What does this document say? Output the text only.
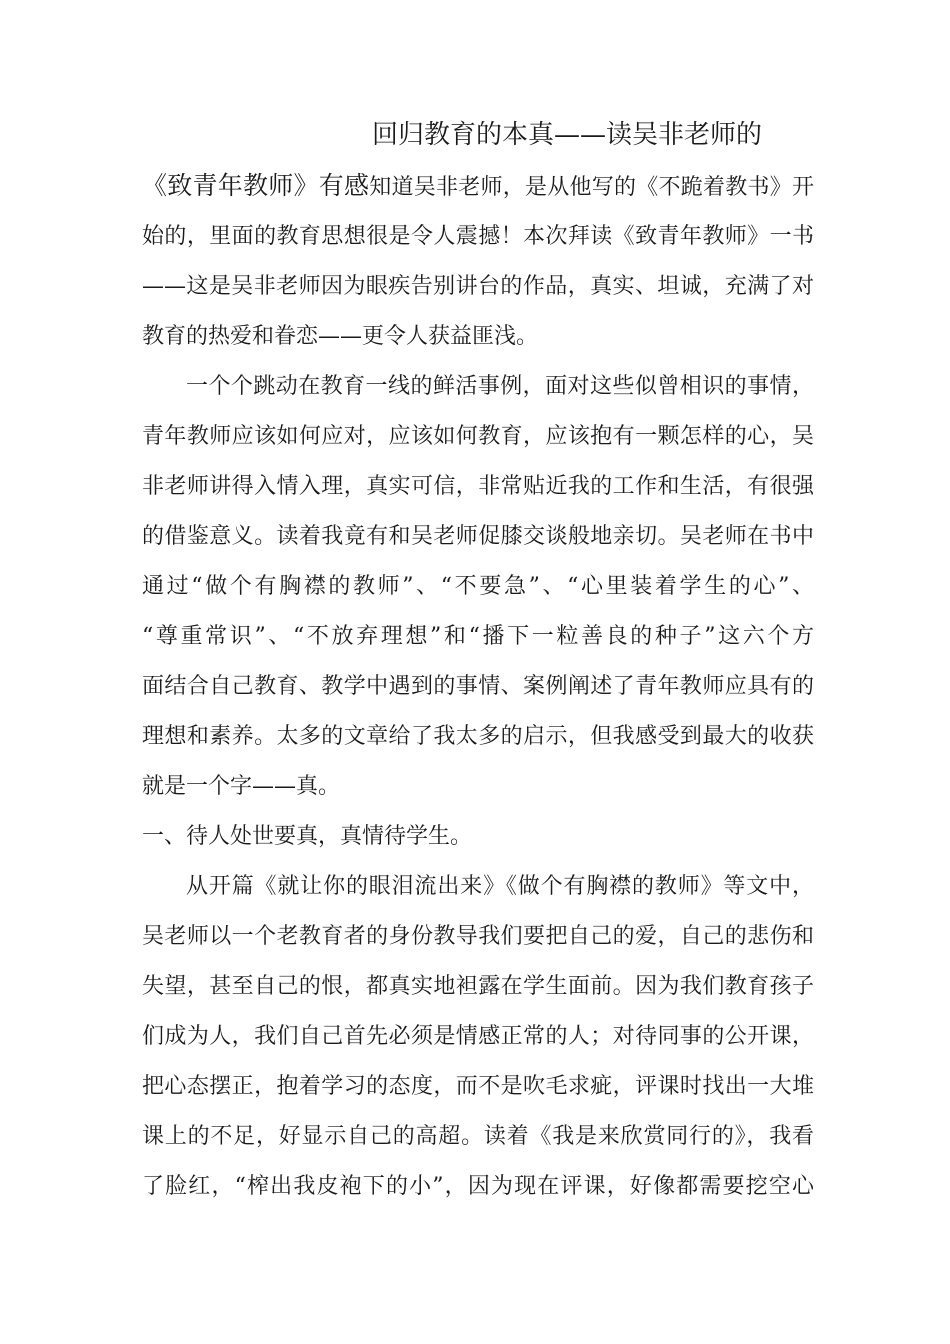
回归教育的本真——读吴非老师的
《致青年教师》有感知道吴非老师，是从他写的《不跪着教书》开
始的，里面的教育思想很是令人震撼！本次拜读《致青年教师》一书
——这是吴非老师因为眼疾告别讲台的作品，真实、坦诚，充满了对
教育的热爱和眷恋——更令人获益匪浅。
一个个跳动在教育一线的鲜活事例，面对这些似曾相识的事情，
青年教师应该如何应对，应该如何教育，应该抱有一颗怎样的心，吴
非老师讲得入情入理，真实可信，非常贴近我的工作和生活，有很强
的借鉴意义。读着我竟有和吴老师促膝交谈般地亲切。吴老师在书中
通过“做个有胸襟的教师”、“不要急”、“心里装着学生的心”、
“尊重常识”、“不放弃理想”和“播下一粒善良的种子”这六个方
面结合自己教育、教学中遇到的事情、案例阐述了青年教师应具有的
理想和素养。太多的文章给了我太多的启示，但我感受到最大的收获
就是一个字——真。
一、待人处世要真，真情待学生。
从开篇《就让你的眼泪流出来》《做个有胸襟的教师》等文中，
吴老师以一个老教育者的身份教导我们要把自己的爱，自己的悲伤和
失望，甚至自己的恨，都真实地袒露在学生面前。因为我们教育孩子
们成为人，我们自己首先必须是情感正常的人；对待同事的公开课，
把心态摆正，抱着学习的态度，而不是吹毛求疵，评课时找出一大堆
课上的不足，好显示自己的高超。读着《我是来欣赏同行的》，我看
了脸红，“榨出我皮袍下的小”，因为现在评课，好像都需要挖空心
